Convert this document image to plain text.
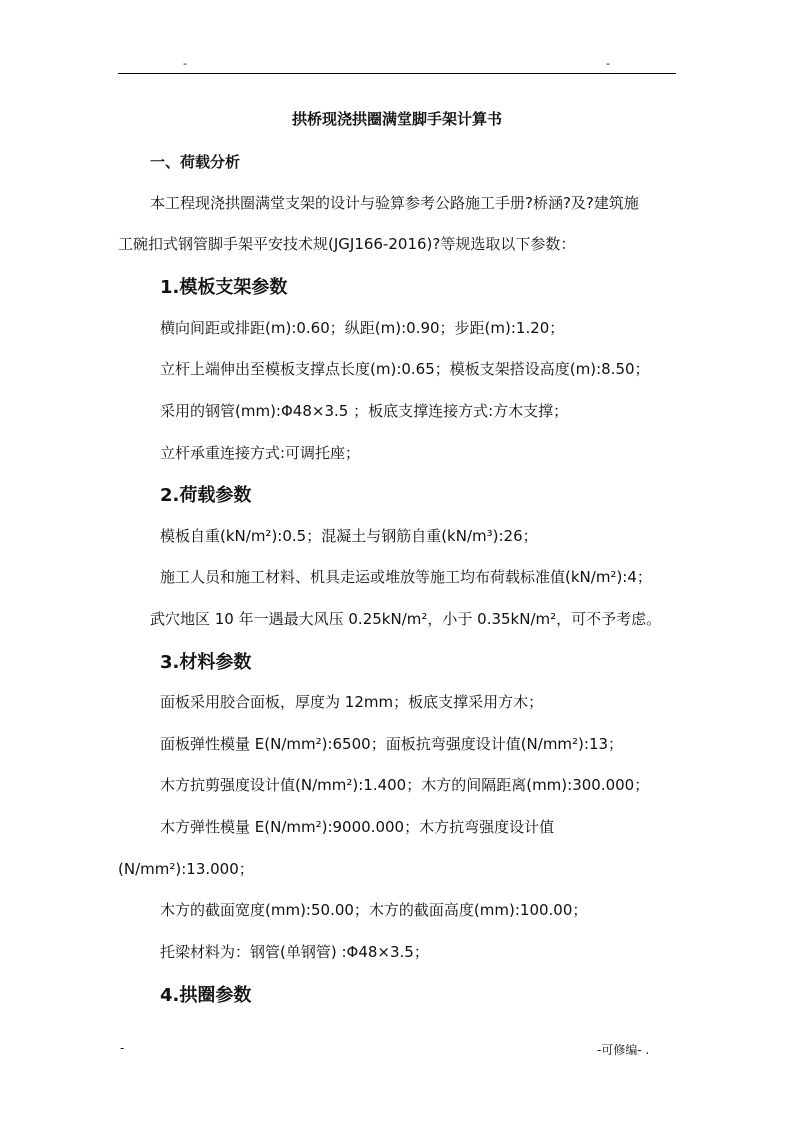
-	-
拱桥现浇拱圈满堂脚手架计算书
一、荷载分析
本工程现浇拱圈满堂支架的设计与验算参考公路施工手册?桥涵?及?建筑施
工碗扣式钢管脚手架平安技术规(JGJ166-2016)?等规选取以下参数：
1.模板支架参数
横向间距或排距(m):0.60；纵距(m):0.90；步距(m):1.20；
立杆上端伸出至模板支撑点长度(m):0.65；模板支架搭设高度(m):8.50；
采用的钢管(mm):Φ48×3.5 ；板底支撑连接方式:方木支撑；
立杆承重连接方式:可调托座；
2.荷载参数
模板自重(kN/m²):0.5；混凝土与钢筋自重(kN/m³):26；
施工人员和施工材料、机具走运或堆放等施工均布荷载标准值(kN/m²):4；
武穴地区 10 年一遇最大风压 0.25kN/m²，小于 0.35kN/m²，可不予考虑。
3.材料参数
面板采用胶合面板，厚度为 12mm；板底支撑采用方木；
面板弹性模量 E(N/mm²):6500；面板抗弯强度设计值(N/mm²):13；
木方抗剪强度设计值(N/mm²):1.400；木方的间隔距离(mm):300.000；
木方弹性模量 E(N/mm²):9000.000；木方抗弯强度设计值
(N/mm²):13.000；
木方的截面宽度(mm):50.00；木方的截面高度(mm):100.00；
托梁材料为：钢管(单钢管) :Φ48×3.5；
4.拱圈参数
-	-可修编- .
